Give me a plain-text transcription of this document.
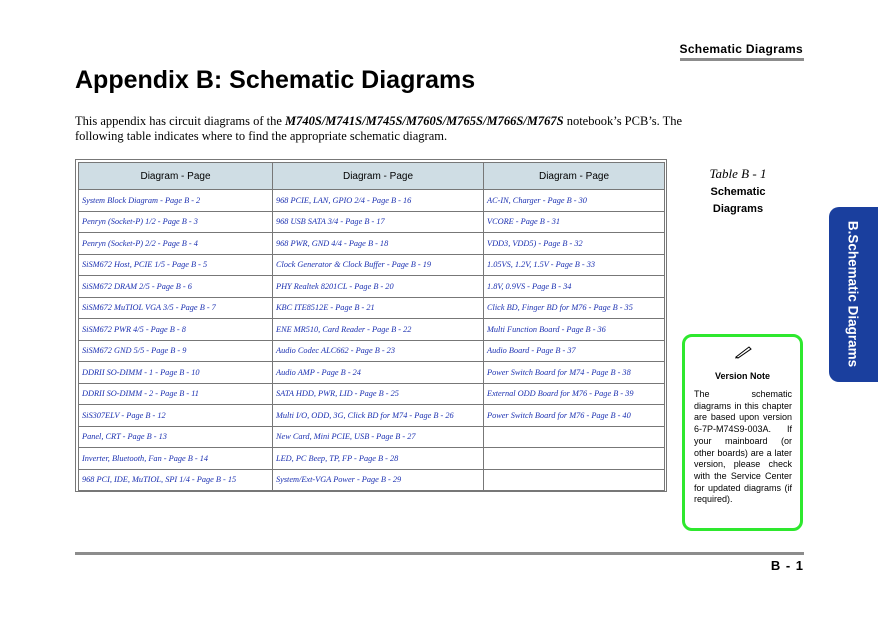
Schematic Diagrams
Appendix B: Schematic Diagrams

This appendix has circuit diagrams of the M740S/M741S/M745S/M760S/M765S/M766S/M767S notebook’s PCB’s. The following table indicates where to find the appropriate schematic diagram.

Diagram - Page	Diagram - Page	Diagram - Page
System Block Diagram - Page B - 2	968 PCIE, LAN, GPIO 2/4 - Page B - 16	AC-IN, Charger - Page B - 30
Penryn (Socket-P) 1/2 - Page B - 3	968 USB SATA 3/4 - Page B - 17	VCORE - Page B - 31
Penryn (Socket-P) 2/2 - Page B - 4	968 PWR, GND 4/4 - Page B - 18	VDD3, VDD5) - Page B - 32
SiSM672 Host, PCIE 1/5 - Page B - 5	Clock Generator & Clock Buffer - Page B - 19	1.05VS, 1.2V, 1.5V - Page B - 33
SiSM672 DRAM 2/5 - Page B - 6	PHY Realtek 8201CL - Page B - 20	1.8V, 0.9VS - Page B - 34
SiSM672 MuTIOL VGA 3/5 - Page B - 7	KBC ITE8512E - Page B - 21	Click BD, Finger BD for M76 - Page B - 35
SiSM672 PWR 4/5 - Page B - 8	ENE MR510, Card Reader - Page B - 22	Multi Function Board - Page B - 36
SiSM672 GND 5/5 - Page B - 9	Audio Codec ALC662 - Page B - 23	Audio Board - Page B - 37
DDRII SO-DIMM - 1 - Page B - 10	Audio AMP - Page B - 24	Power Switch Board for M74 - Page B - 38
DDRII SO-DIMM - 2 - Page B - 11	SATA HDD, PWR, LID - Page B - 25	External ODD Board for M76 - Page B - 39
SiS307ELV - Page B - 12	Multi I/O, ODD, 3G, Click BD for M74 - Page B - 26	Power Switch Board for M76 - Page B - 40
Panel, CRT - Page B - 13	New Card, Mini PCIE, USB - Page B - 27	
Inverter, Bluetooth, Fan - Page B - 14	LED, PC Beep, TP, FP - Page B - 28	
968 PCI, IDE, MuTIOL, SPI 1/4 - Page B - 15	System/Ext-VGA Power - Page B - 29	
Table B - 1
Schematic
Diagrams
B.Schematic Diagrams
Version Note
The schematic diagrams in this chapter are based upon version 6-7P-M74S9-003A. If your mainboard (or other boards) are a later version, please check with the Service Center for updated diagrams (if required).
B - 1
